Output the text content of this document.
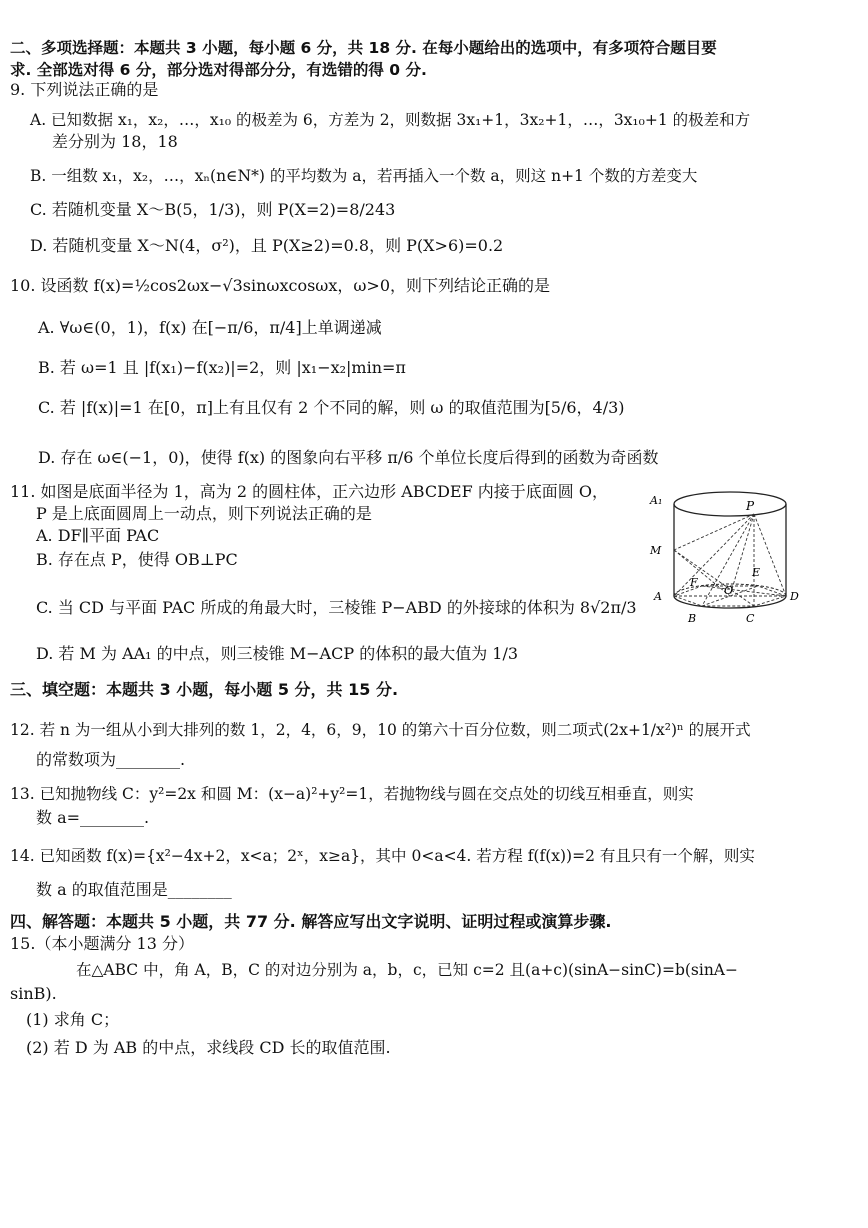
二、多项选择题：本题共 3 小题，每小题 6 分，共 18 分. 在每小题给出的选项中，有多项符合题目要
求. 全部选对得 6 分，部分选对得部分分，有选错的得 0 分.
9. 下列说法正确的是
A. 已知数据 x₁，x₂，…，x₁₀ 的极差为 6，方差为 2，则数据 3x₁+1，3x₂+1，…，3x₁₀+1 的极差和方
差分别为 18，18
B. 一组数 x₁，x₂，…，xₙ(n∈N*) 的平均数为 a，若再插入一个数 a，则这 n+1 个数的方差变大
C. 若随机变量 X～B(5，1/3)，则 P(X=2)=8/243
D. 若随机变量 X～N(4，σ²)，且 P(X≥2)=0.8，则 P(X>6)=0.2
10. 设函数 f(x)=½cos2ωx−√3sinωxcosωx，ω>0，则下列结论正确的是
A. ∀ω∈(0，1)，f(x) 在[−π/6，π/4]上单调递减
B. 若 ω=1 且 |f(x₁)−f(x₂)|=2，则 |x₁−x₂|min=π
C. 若 |f(x)|=1 在[0，π]上有且仅有 2 个不同的解，则 ω 的取值范围为[5/6，4/3)
D. 存在 ω∈(−1，0)，使得 f(x) 的图象向右平移 π/6 个单位长度后得到的函数为奇函数
11. 如图是底面半径为 1，高为 2 的圆柱体，正六边形 ABCDEF 内接于底面圆 O，
P 是上底面圆周上一动点，则下列说法正确的是
A. DF∥平面 PAC
B. 存在点 P，使得 OB⊥PC
C. 当 CD 与平面 PAC 所成的角最大时，三棱锥 P−ABD 的外接球的体积为 8√2π/3
D. 若 M 为 AA₁ 的中点，则三棱锥 M−ACP 的体积的最大值为 1/3
A₁	P
M
E
F
O
A	D
B	C
三、填空题：本题共 3 小题，每小题 5 分，共 15 分.
12. 若 n 为一组从小到大排列的数 1，2，4，6，9，10 的第六十百分位数，则二项式(2x+1/x²)ⁿ 的展开式
的常数项为________.
13. 已知抛物线 C：y²=2x 和圆 M：(x−a)²+y²=1，若抛物线与圆在交点处的切线互相垂直，则实
数 a=________.
14. 已知函数 f(x)={x²−4x+2，x<a；2ˣ，x≥a}，其中 0<a<4. 若方程 f(f(x))=2 有且只有一个解，则实
数 a 的取值范围是________
四、解答题：本题共 5 小题，共 77 分. 解答应写出文字说明、证明过程或演算步骤.
15.（本小题满分 13 分）
在△ABC 中，角 A，B，C 的对边分别为 a，b，c，已知 c=2 且(a+c)(sinA−sinC)=b(sinA−
sinB).
(1) 求角 C；
(2) 若 D 为 AB 的中点，求线段 CD 长的取值范围.
